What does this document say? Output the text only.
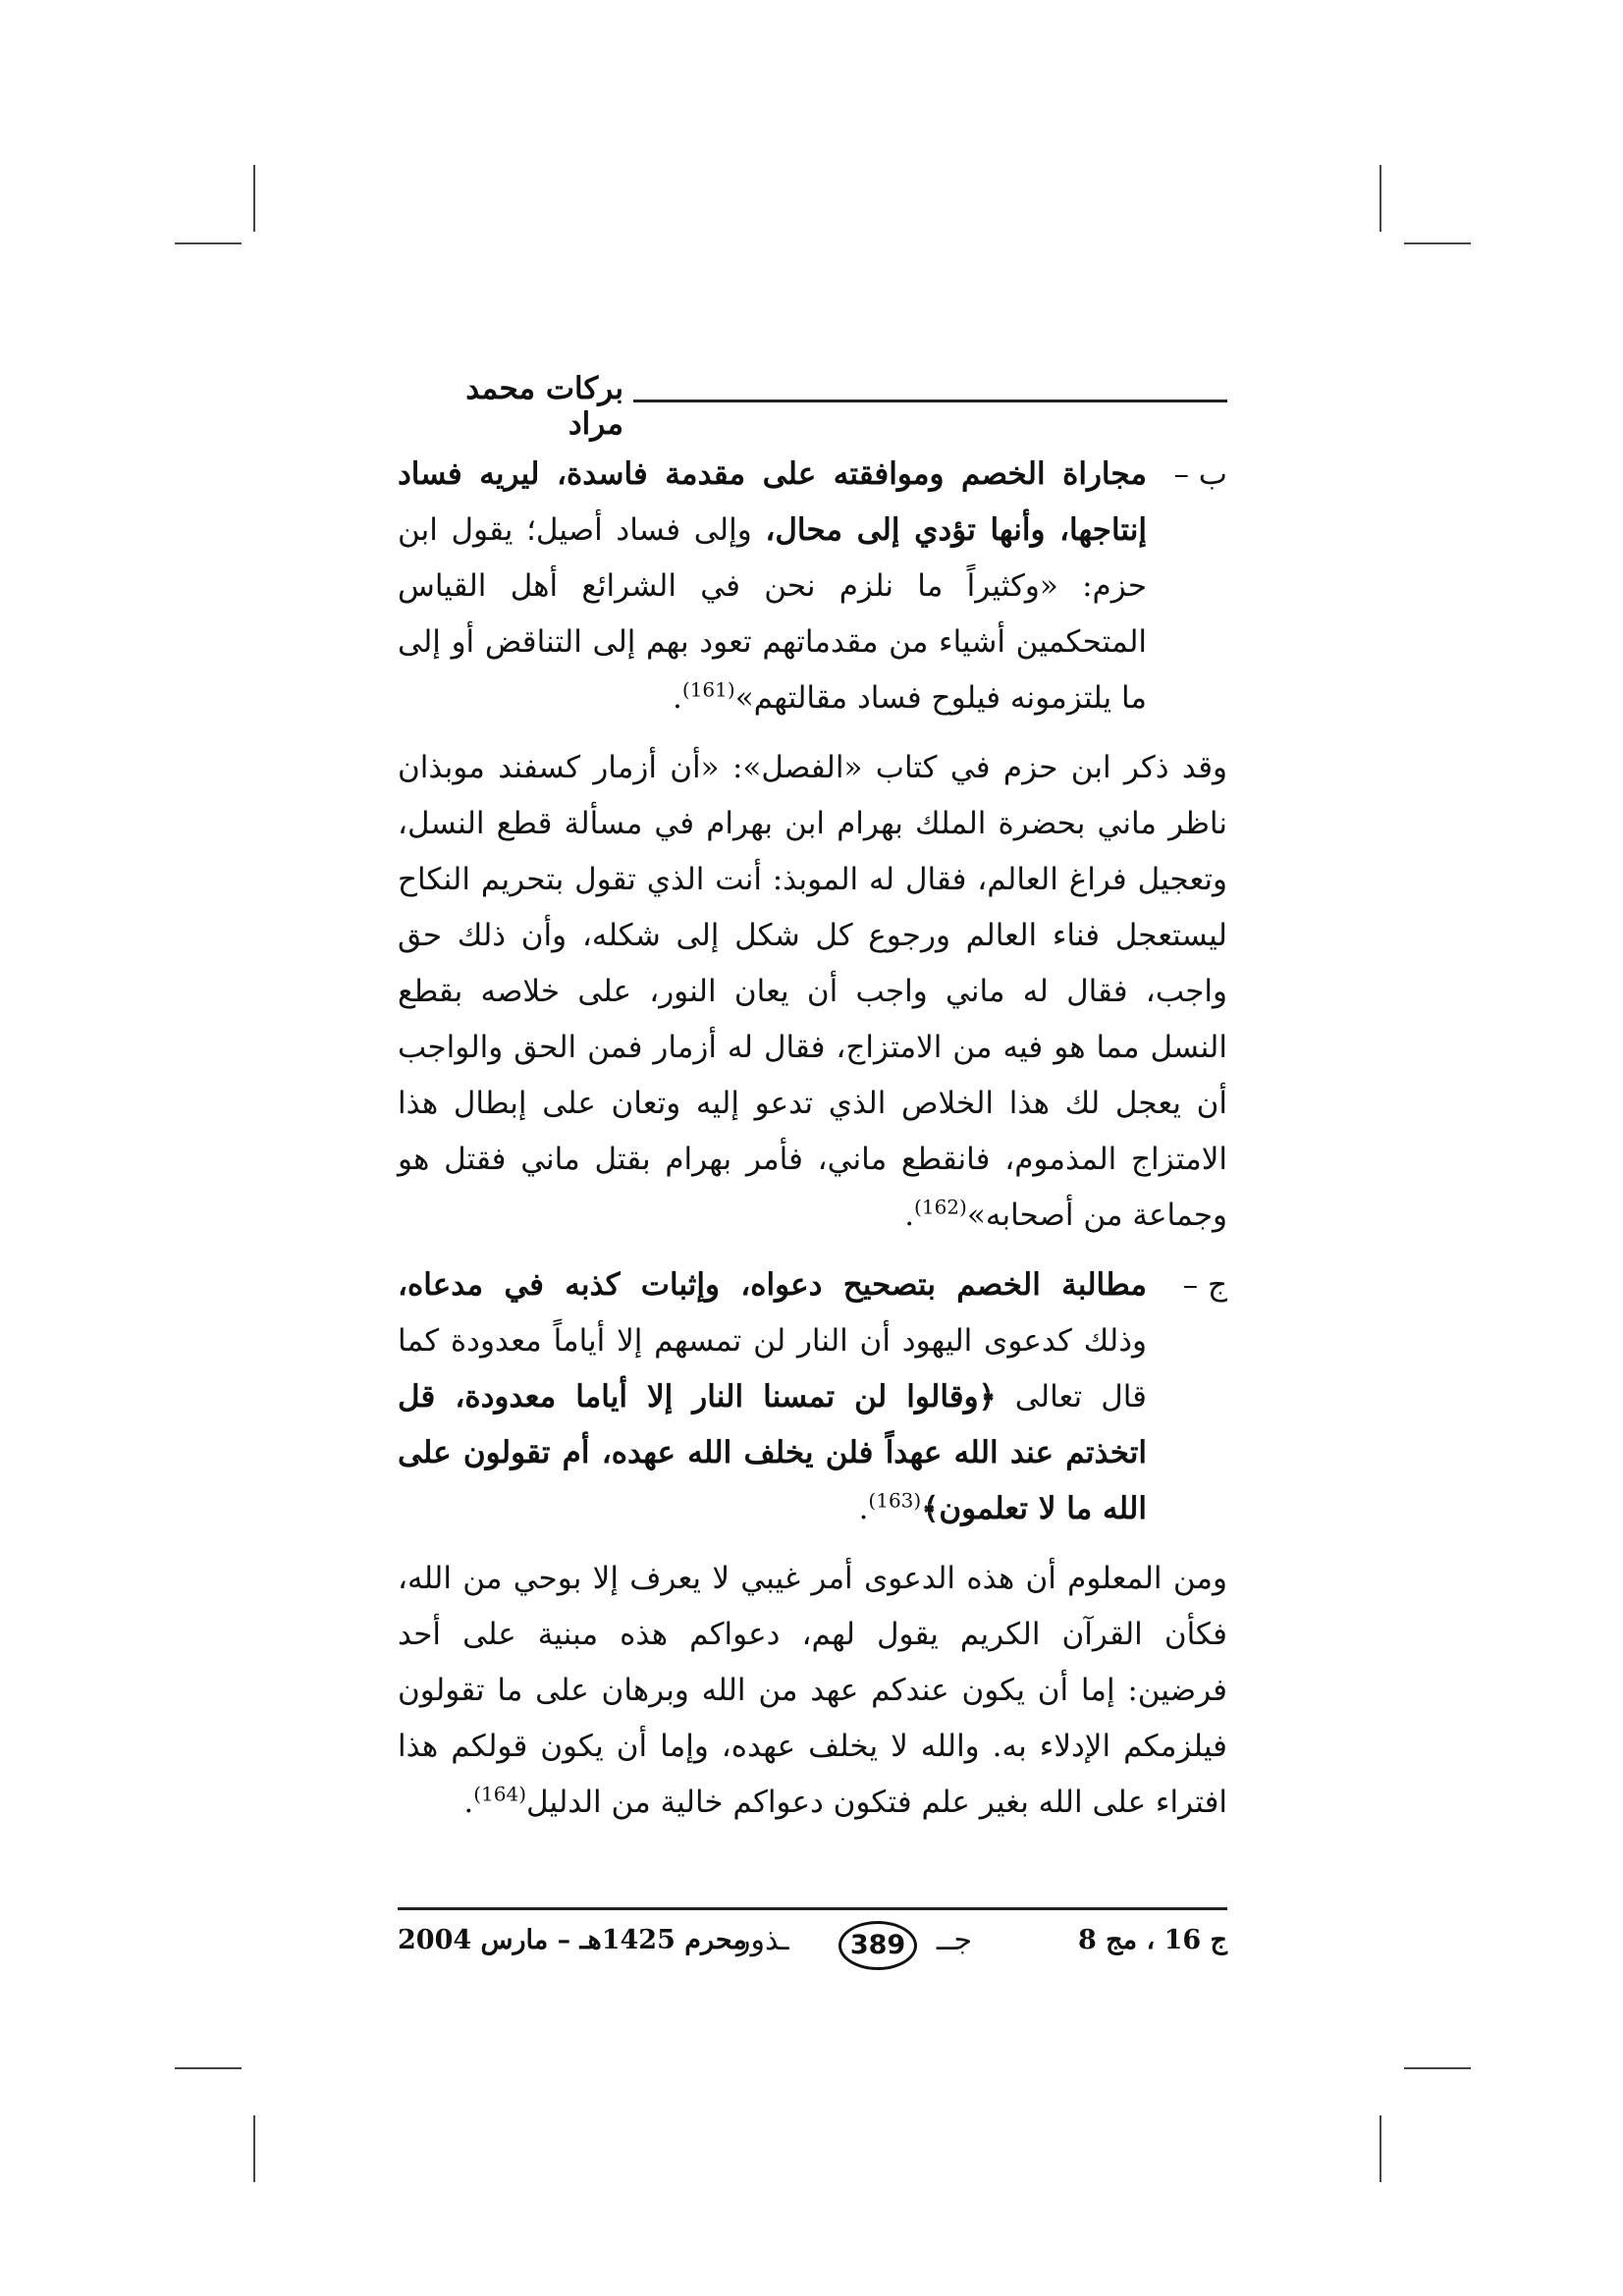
بركات محمد مراد
ب –
مجاراة الخصم وموافقته على مقدمة فاسدة، ليريه فساد إنتاجها، وأنها تؤدي إلى محال، وإلى فساد أصيل؛ يقول ابن حزم: «وكثيراً ما نلزم نحن في الشرائع أهل القياس المتحكمين أشياء من مقدماتهم تعود بهم إلى التناقض أو إلى ما يلتزمونه فيلوح فساد مقالتهم»$^{(161)}$.

وقد ذكر ابن حزم في كتاب «الفصل»: «أن أزمار كسفند موبذان ناظر ماني بحضرة الملك بهرام ابن بهرام في مسألة قطع النسل، وتعجيل فراغ العالم، فقال له الموبذ: أنت الذي تقول بتحريم النكاح ليستعجل فناء العالم ورجوع كل شكل إلى شكله، وأن ذلك حق واجب، فقال له ماني واجب أن يعان النور، على خلاصه بقطع النسل مما هو فيه من الامتزاج، فقال له أزمار فمن الحق والواجب أن يعجل لك هذا الخلاص الذي تدعو إليه وتعان على إبطال هذا الامتزاج المذموم، فانقطع ماني، فأمر بهرام بقتل ماني فقتل هو وجماعة من أصحابه»$^{(162)}$.

ج –
مطالبة الخصم بتصحيح دعواه، وإثبات كذبه في مدعاه، وذلك كدعوى اليهود أن النار لن تمسهم إلا أياماً معدودة كما قال تعالى ﴿وقالوا لن تمسنا النار إلا أياما معدودة، قل اتخذتم عند الله عهداً فلن يخلف الله عهده، أم تقولون على الله ما لا تعلمون﴾$^{(163)}$.

ومن المعلوم أن هذه الدعوى أمر غيبي لا يعرف إلا بوحي من الله، فكأن القرآن الكريم يقول لهم، دعواكم هذه مبنية على أحد فرضين: إما أن يكون عندكم عهد من الله وبرهان على ما تقولون فيلزمكم الإدلاء به. والله لا يخلف عهده، وإما أن يكون قولكم هذا افتراء على الله بغير علم فتكون دعواكم خالية من الدليل$^{(164)}$.

محرم 1425هـ – مارس 2004
ـذور	389	جــ	ج 16 ، مج 8
